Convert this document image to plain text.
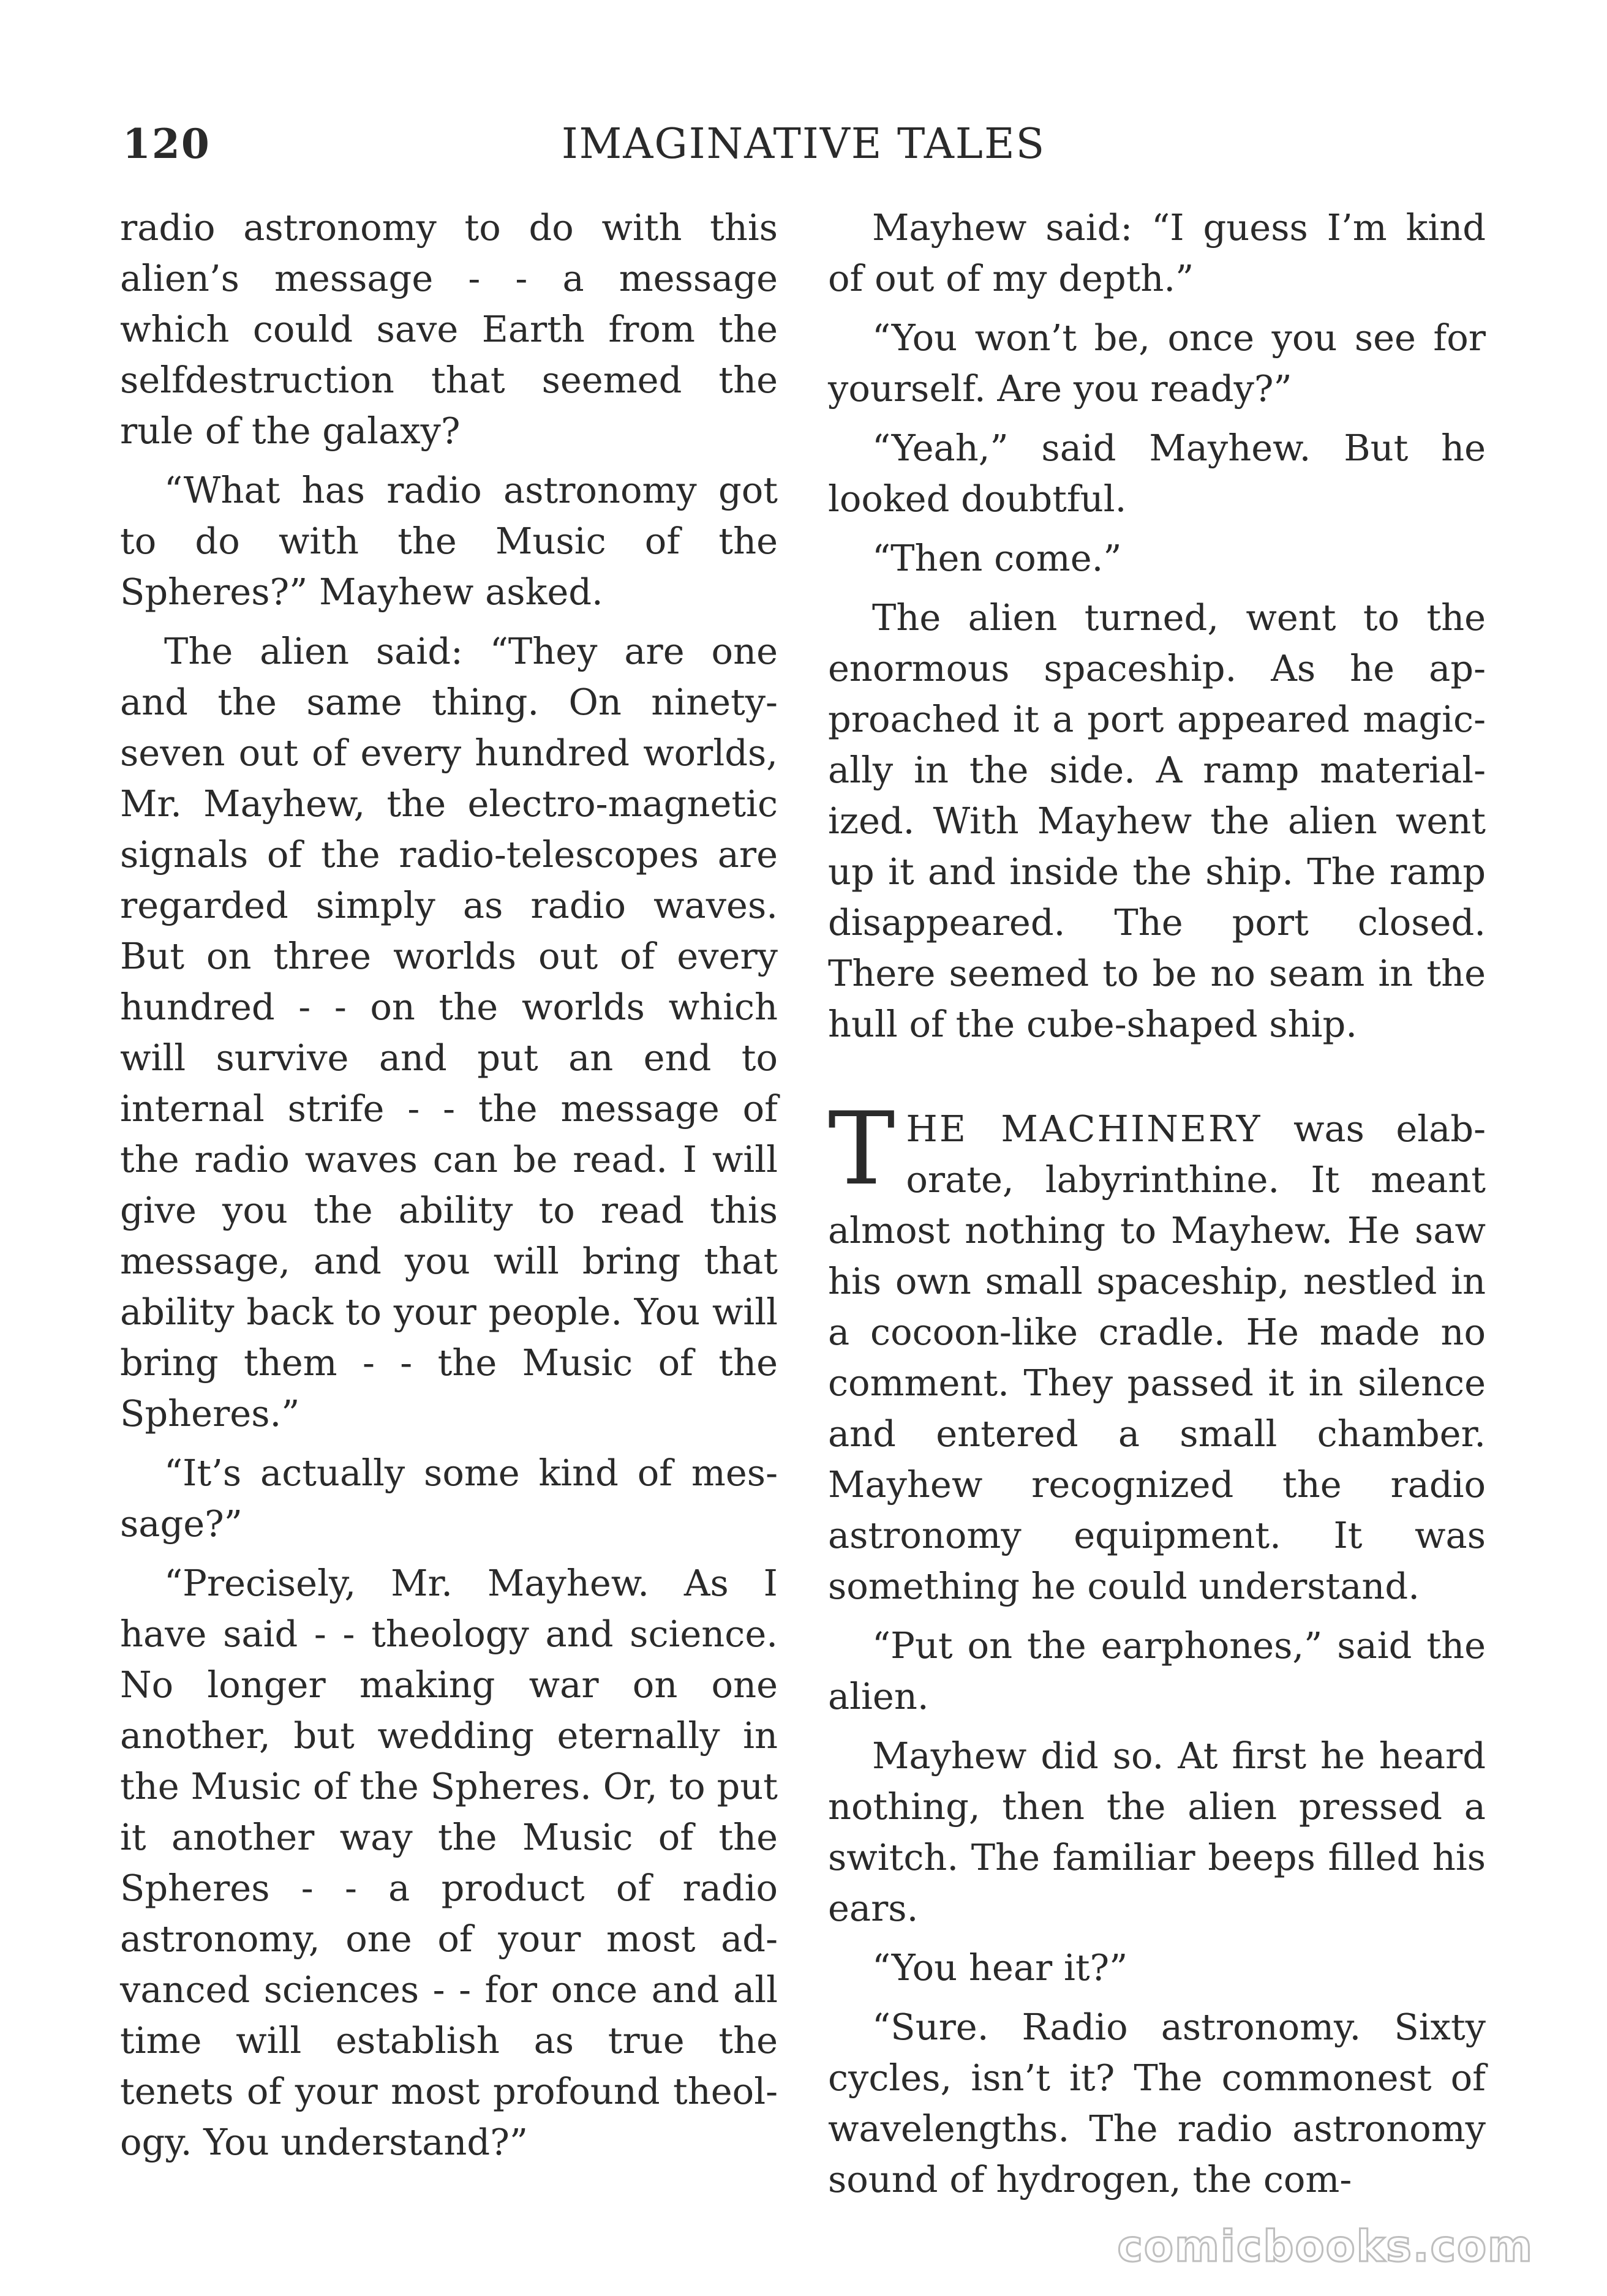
120	IMAGINATIVE TALES

radio astronomy to do with this alien’s message - - a message which could save Earth from the selfdestruction that seemed the rule of the galaxy?

“What has radio astronomy got to do with the Music of the Spheres?” Mayhew asked.

The alien said: “They are one and the same thing. On ninety-seven out of every hundred worlds, Mr. Mayhew, the electro-magnetic signals of the radio-telescopes are regarded simply as radio waves. But on three worlds out of every hundred - - on the worlds which will survive and put an end to internal strife - - the message of the radio waves can be read. I will give you the ability to read this message, and you will bring that ability back to your people. You will bring them - - the Music of the Spheres.”

“It’s actually some kind of message?”

“Precisely, Mr. Mayhew. As I have said - - theology and science. No longer making war on one another, but wedding eternally in the Music of the Spheres. Or, to put it another way the Music of the Spheres - - a product of radio astronomy, one of your most advanced sciences - - for once and all time will establish as true the tenets of your most profound theology. You understand?”

Mayhew said: “I guess I’m kind of out of my depth.”

“You won’t be, once you see for yourself. Are you ready?”

“Yeah,” said Mayhew. But he looked doubtful.

“Then come.”

The alien turned, went to the enormous spaceship. As he approached it a port appeared magically in the side. A ramp materialized. With Mayhew the alien went up it and inside the ship. The ramp disappeared. The port closed. There seemed to be no seam in the hull of the cube-shaped ship.

THE MACHINERY was elaborate, labyrinthine. It meant almost nothing to Mayhew. He saw his own small spaceship, nestled in a cocoon-like cradle. He made no comment. They passed it in silence and entered a small chamber. Mayhew recognized the radio astronomy equipment. It was something he could understand.

“Put on the earphones,” said the alien.

Mayhew did so. At first he heard nothing, then the alien pressed a switch. The familiar beeps filled his ears.

“You hear it?”

“Sure. Radio astronomy. Sixty cycles, isn’t it? The commonest of wavelengths. The radio astronomy sound of hydrogen, the com-

comicbooks.com
